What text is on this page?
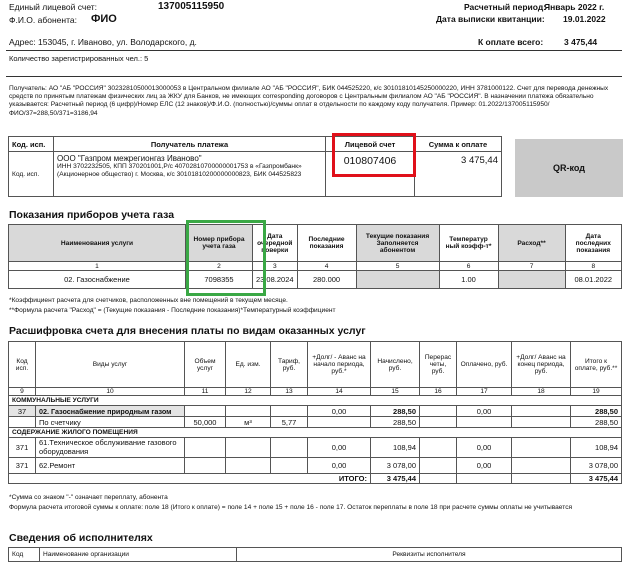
Единый лицевой счет:	137005115950
Ф.И.О. абонента: ФИО
Адрес: 153045, г. Иваново, ул. Володарского, д.
Количество зарегистрированных чел.: 5
Расчетный период:
Январь 2022 г.
Дата выписки квитанции: 19.01.2022
К оплате всего: 3 475,44
Получатель: АО "АБ "РОССИЯ" 30232810500013000053 в Центральном филиале АО "АБ "РОССИЯ", БИК 044525220, к/с 30101810145250000220, ИНН 3781000122. Счет для перевода денежных средств по принятым платежам физических лиц за ЖКУ для Банков, не имеющих corresponding договоров с Центральным филиалом АО "АБ "РОССИЯ". В назначении платежа обязательно указывается: Расчетный период (6 цифр)/Номер ЕЛС (12 знаков)/Ф.И.О. (полностью)/суммы оплат в отдельности по каждому коду получателя. Пример: 01.2022/137005115950/ФИО/37=288,50/371=3186,94
Код. исп.	Получатель платежа	Лицевой счет	Сумма к оплате
Код. исп.	
ООО "Газпром межрегионгаз Иваново"
ИНН 3702232505, КПП 370201001,Р/с 40702810700000001753 в «Газпромбанк» (Акционерное общество) г. Москва, к/с 30101810200000000823, БИК 044525823
	010807406	3 475,44
QR-код
Показания приборов учета газа
Наименования услуги	Номер прибора учета газа	Дата очередной поверки	Последние показания	Текущие показания Заполняется абонентом	Температур ный коэфф-т*	Расход**	Дата последних показания
1	2	3	4	5	6	7	8
02. Газоснабжение	7098355	23.08.2024	280.000		1.00		08.01.2022
*Коэффициент расчета для счетчиков, расположенных вне помещений в текущем месяце.
**Формула расчета "Расход" = (Текущие показания - Последние показания)*Температурный коэффициент
Расшифровка счета для внесения платы по видам оказанных услуг
Код исп.	Виды услуг	Объем услуг	Ед. изм.	Тариф, руб.	+Долг/ - Аванс на начало периода, руб.*	Начислено, руб.	Перерас четы, руб.	Оплачено, руб.	+Долг/ Аванс на конец периода, руб.	Итого к оплате, руб.**
9	10	11	12	13	14	15	16	17	18	19
КОММУНАЛЬНЫЕ УСЛУГИ
37	02. Газоснабжение природным газом				0,00	288,50		0,00		288,50
	По счетчику	50,000	м³	5,77		288,50				288,50
СОДЕРЖАНИЕ ЖИЛОГО ПОМЕЩЕНИЯ
371	61.Техническое обслуживание газового оборудования				0,00	108,94		0,00		108,94
371	62.Ремонт				0,00	3 078,00		0,00		3 078,00
ИТОГО:	3 475,44				3 475,44
*Сумма со знаком "-" означает переплату, абонента
Формула расчета итоговой суммы к оплате: поле 18 (Итого к оплате) = поле 14 + поле 15 + поле 16 - поле 17. Остаток переплаты в поле 18 при расчете суммы оплаты не учитывается
Сведения об исполнителях
Код	Наименование организации	Реквизиты исполнителя
